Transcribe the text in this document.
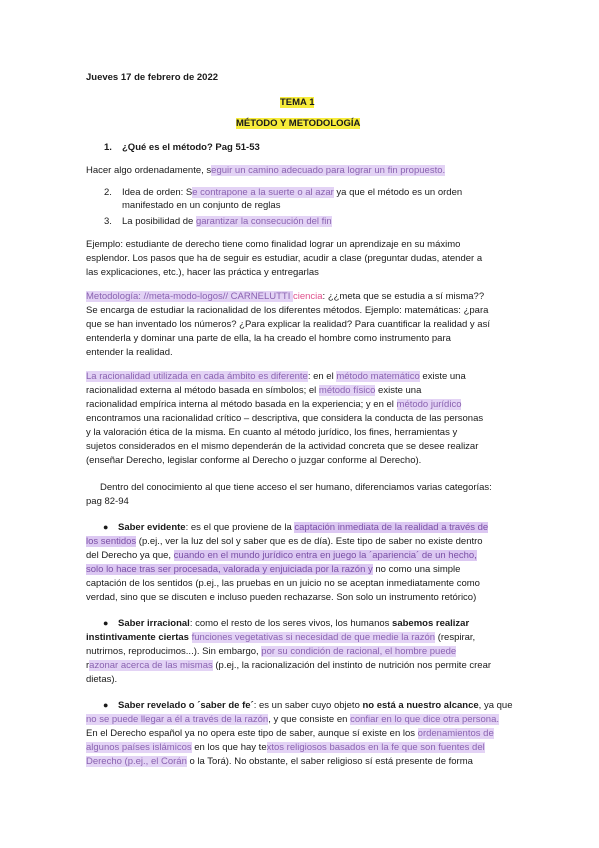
Jueves 17 de febrero de 2022
TEMA 1
MÉTODO Y METODOLOGÍA
1. ¿Qué es el método? Pag 51-53
Hacer algo ordenadamente, seguir un camino adecuado para lograr un fin propuesto.
2. Idea de orden: Se contrapone a la suerte o al azar ya que el método es un orden
manifestado en un conjunto de reglas
3. La posibilidad de garantizar la consecución del fin
Ejemplo: estudiante de derecho tiene como finalidad lograr un aprendizaje en su máximo
esplendor. Los pasos que ha de seguir es estudiar, acudir a clase (preguntar dudas, atender a
las explicaciones, etc.), hacer las práctica y entregarlas
Metodología: //meta-modo-logos// CARNELUTTI ciencia: ¿¿meta que se estudia a sí misma??
Se encarga de estudiar la racionalidad de los diferentes métodos. Ejemplo: matemáticas: ¿para
que se han inventado los números? ¿Para explicar la realidad? Para cuantificar la realidad y así
entenderla y dominar una parte de ella, la ha creado el hombre como instrumento para
entender la realidad.
La racionalidad utilizada en cada ámbito es diferente: en el método matemático existe una
racionalidad externa al método basada en símbolos; el método físico existe una
racionalidad empírica interna al método basada en la experiencia; y en el método jurídico
encontramos una racionalidad crítico – descriptiva, que considera la conducta de las personas
y la valoración ética de la misma. En cuanto al método jurídico, los fines, herramientas y
sujetos considerados en el mismo dependerán de la actividad concreta que se desee realizar
(enseñar Derecho, legislar conforme al Derecho o juzgar conforme al Derecho).
Dentro del conocimiento al que tiene acceso el ser humano, diferenciamos varias categorías:
pag 82-94
● Saber evidente: es el que proviene de la captación inmediata de la realidad a través de
los sentidos (p.ej., ver la luz del sol y saber que es de día). Este tipo de saber no existe dentro
del Derecho ya que, cuando en el mundo jurídico entra en juego la ´apariencia´ de un hecho,
solo lo hace tras ser procesada, valorada y enjuiciada por la razón y no como una simple
captación de los sentidos (p.ej., las pruebas en un juicio no se aceptan inmediatamente como
verdad, sino que se discuten e incluso pueden rechazarse. Son solo un instrumento retórico)
● Saber irracional: como el resto de los seres vivos, los humanos sabemos realizar
instintivamente ciertas funciones vegetativas si necesidad de que medie la razón (respirar,
nutrirnos, reproducimos...). Sin embargo, por su condición de racional, el hombre puede
razonar acerca de las mismas (p.ej., la racionalización del instinto de nutrición nos permite crear
dietas).
● Saber revelado o ´saber de fe´: es un saber cuyo objeto no está a nuestro alcance, ya que
no se puede llegar a él a través de la razón, y que consiste en confiar en lo que dice otra persona.
En el Derecho español ya no opera este tipo de saber, aunque sí existe en los ordenamientos de
algunos países islámicos en los que hay textos religiosos basados en la fe que son fuentes del
Derecho (p.ej., el Corán o la Torá). No obstante, el saber religioso sí está presente de forma
